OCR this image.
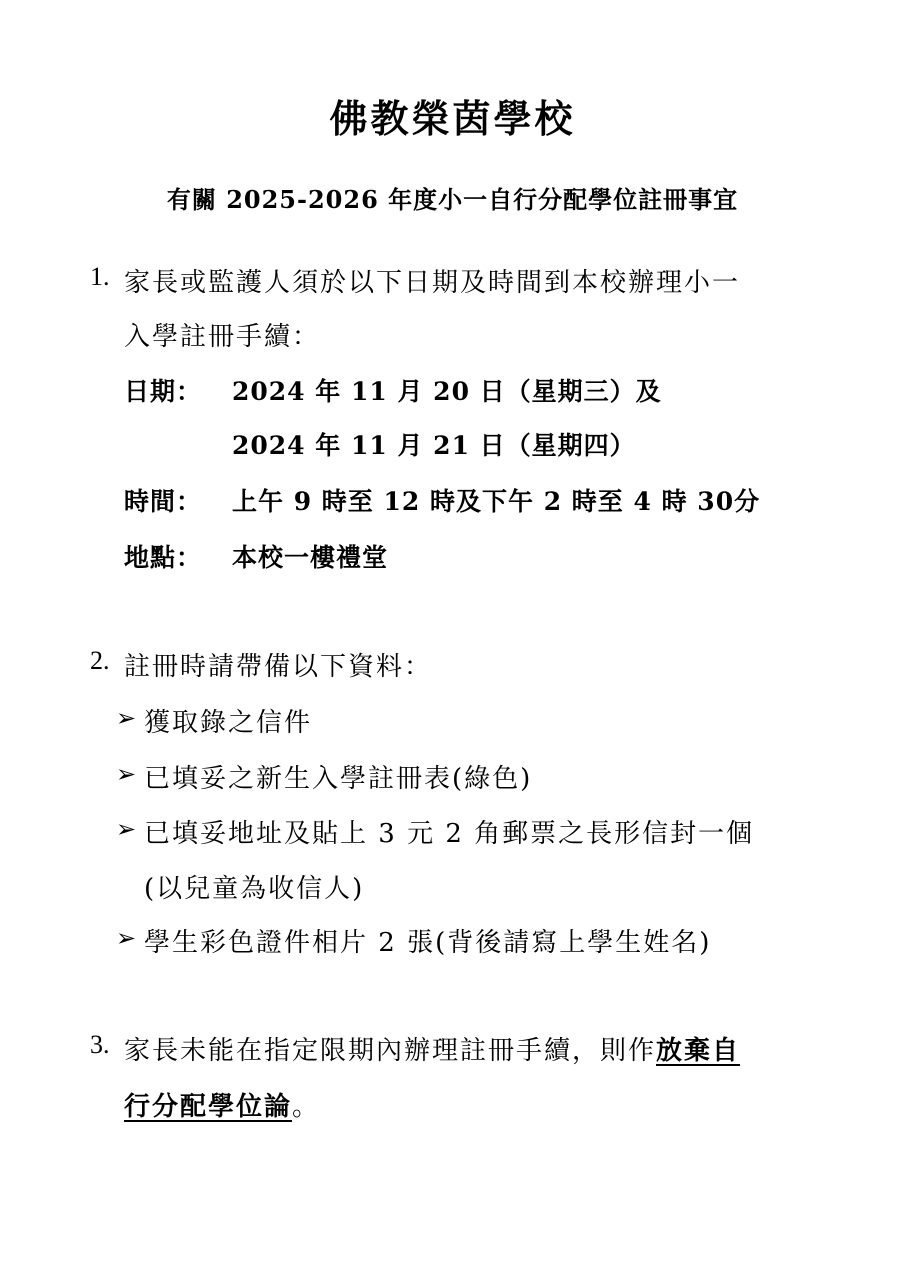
佛教榮茵學校
有關 2025-2026 年度小一自行分配學位註冊事宜
1. 家長或監護人須於以下日期及時間到本校辦理小一
入學註冊手續：
日期： 2024 年 11 月 20 日（星期三）及
2024 年 11 月 21 日（星期四）
時間： 上午 9 時至 12 時及下午 2 時至 4 時 30分
地點： 本校一樓禮堂
2. 註冊時請帶備以下資料：
➢ 獲取錄之信件
➢ 已填妥之新生入學註冊表(綠色)
➢ 已填妥地址及貼上 3 元 2 角郵票之長形信封一個
(以兒童為收信人)
➢ 學生彩色證件相片 2 張(背後請寫上學生姓名)
3. 家長未能在指定限期內辦理註冊手續，則作放棄自
行分配學位論。
